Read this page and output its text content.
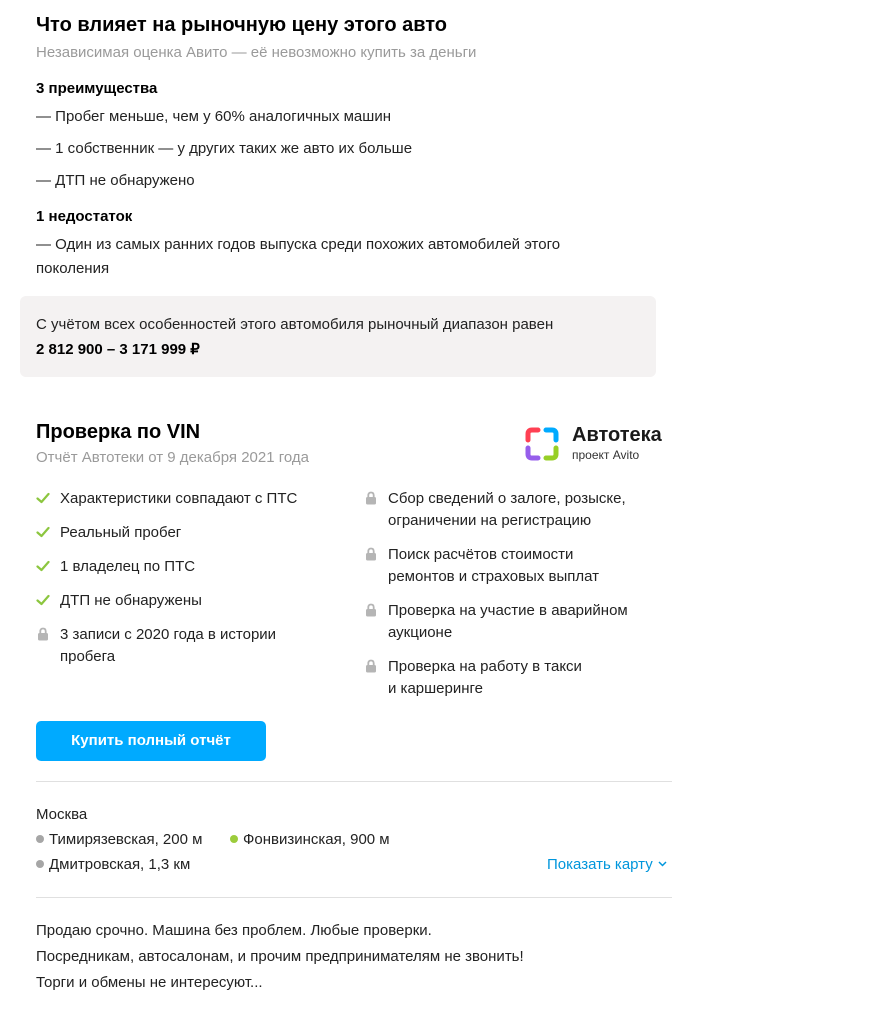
Что влияет на рыночную цену этого авто
Независимая оценка Авито — её невозможно купить за деньги
3 преимущества
— Пробег меньше, чем у 60% аналогичных машин
— 1 собственник — у других таких же авто их больше
— ДТП не обнаружено
1 недостаток
— Один из самых ранних годов выпуска среди похожих автомобилей этого
поколения
С учётом всех особенностей этого автомобиля рыночный диапазон равен
2 812 900 – 3 171 999 ₽
Проверка по VIN
Отчёт Автотеки от 9 декабря 2021 года
Автотека
проект Avito
Характеристики совпадают с ПТС
Реальный пробег
1 владелец по ПТС
ДТП не обнаружены
3 записи с 2020 года в истории
пробега
Сбор сведений о залоге, розыске,
ограничении на регистрацию
Поиск расчётов стоимости
ремонтов и страховых выплат
Проверка на участие в аварийном
аукционе
Проверка на работу в такси
и каршеринге
Купить полный отчёт
Москва
Тимирязевская, 200 м	Фонвизинская, 900 м
Дмитровская, 1,3 км	Показать карту
Продаю срочно. Машина без проблем. Любые проверки.
Посредникам, автосалонам, и прочим предпринимателям не звонить!
Торги и обмены не интересуют...
